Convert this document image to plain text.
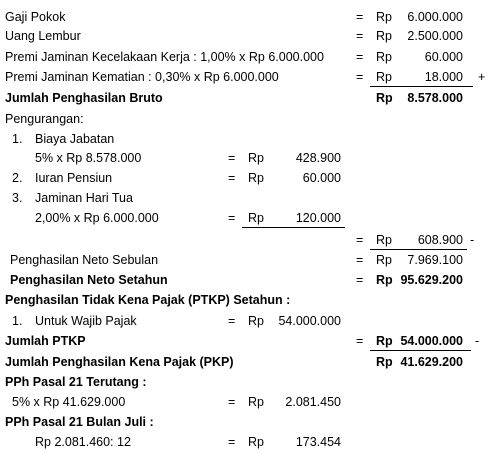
Gaji Pokok	= Rp	6.000.000
Uang Lembur	= Rp	2.500.000
Premi Jaminan Kecelakaan Kerja : 1,00% x Rp 6.000.000	= Rp	60.000
Premi Jaminan Kematian : 0,30% x Rp 6.000.000	= Rp	18.000 +
Jumlah Penghasilan Bruto	Rp	8.578.000
Pengurangan:
1. Biaya Jabatan
5% x Rp 8.578.000	= Rp	428.900
2. Iuran Pensiun	= Rp	60.000
3. Jaminan Hari Tua
2,00% x Rp 6.000.000	= Rp	120.000
= Rp	608.900 -
Penghasilan Neto Sebulan	= Rp	7.969.100
Penghasilan Neto Setahun	= Rp 95.629.200
Penghasilan Tidak Kena Pajak (PTKP) Setahun :
1. Untuk Wajib Pajak	= Rp	54.000.000
Jumlah PTKP	= Rp 54.000.000 -
Jumlah Penghasilan Kena Pajak (PKP)	Rp 41.629.200
PPh Pasal 21 Terutang :
5% x Rp 41.629.000	= Rp	2.081.450
PPh Pasal 21 Bulan Juli :
Rp 2.081.460: 12	= Rp	173.454
